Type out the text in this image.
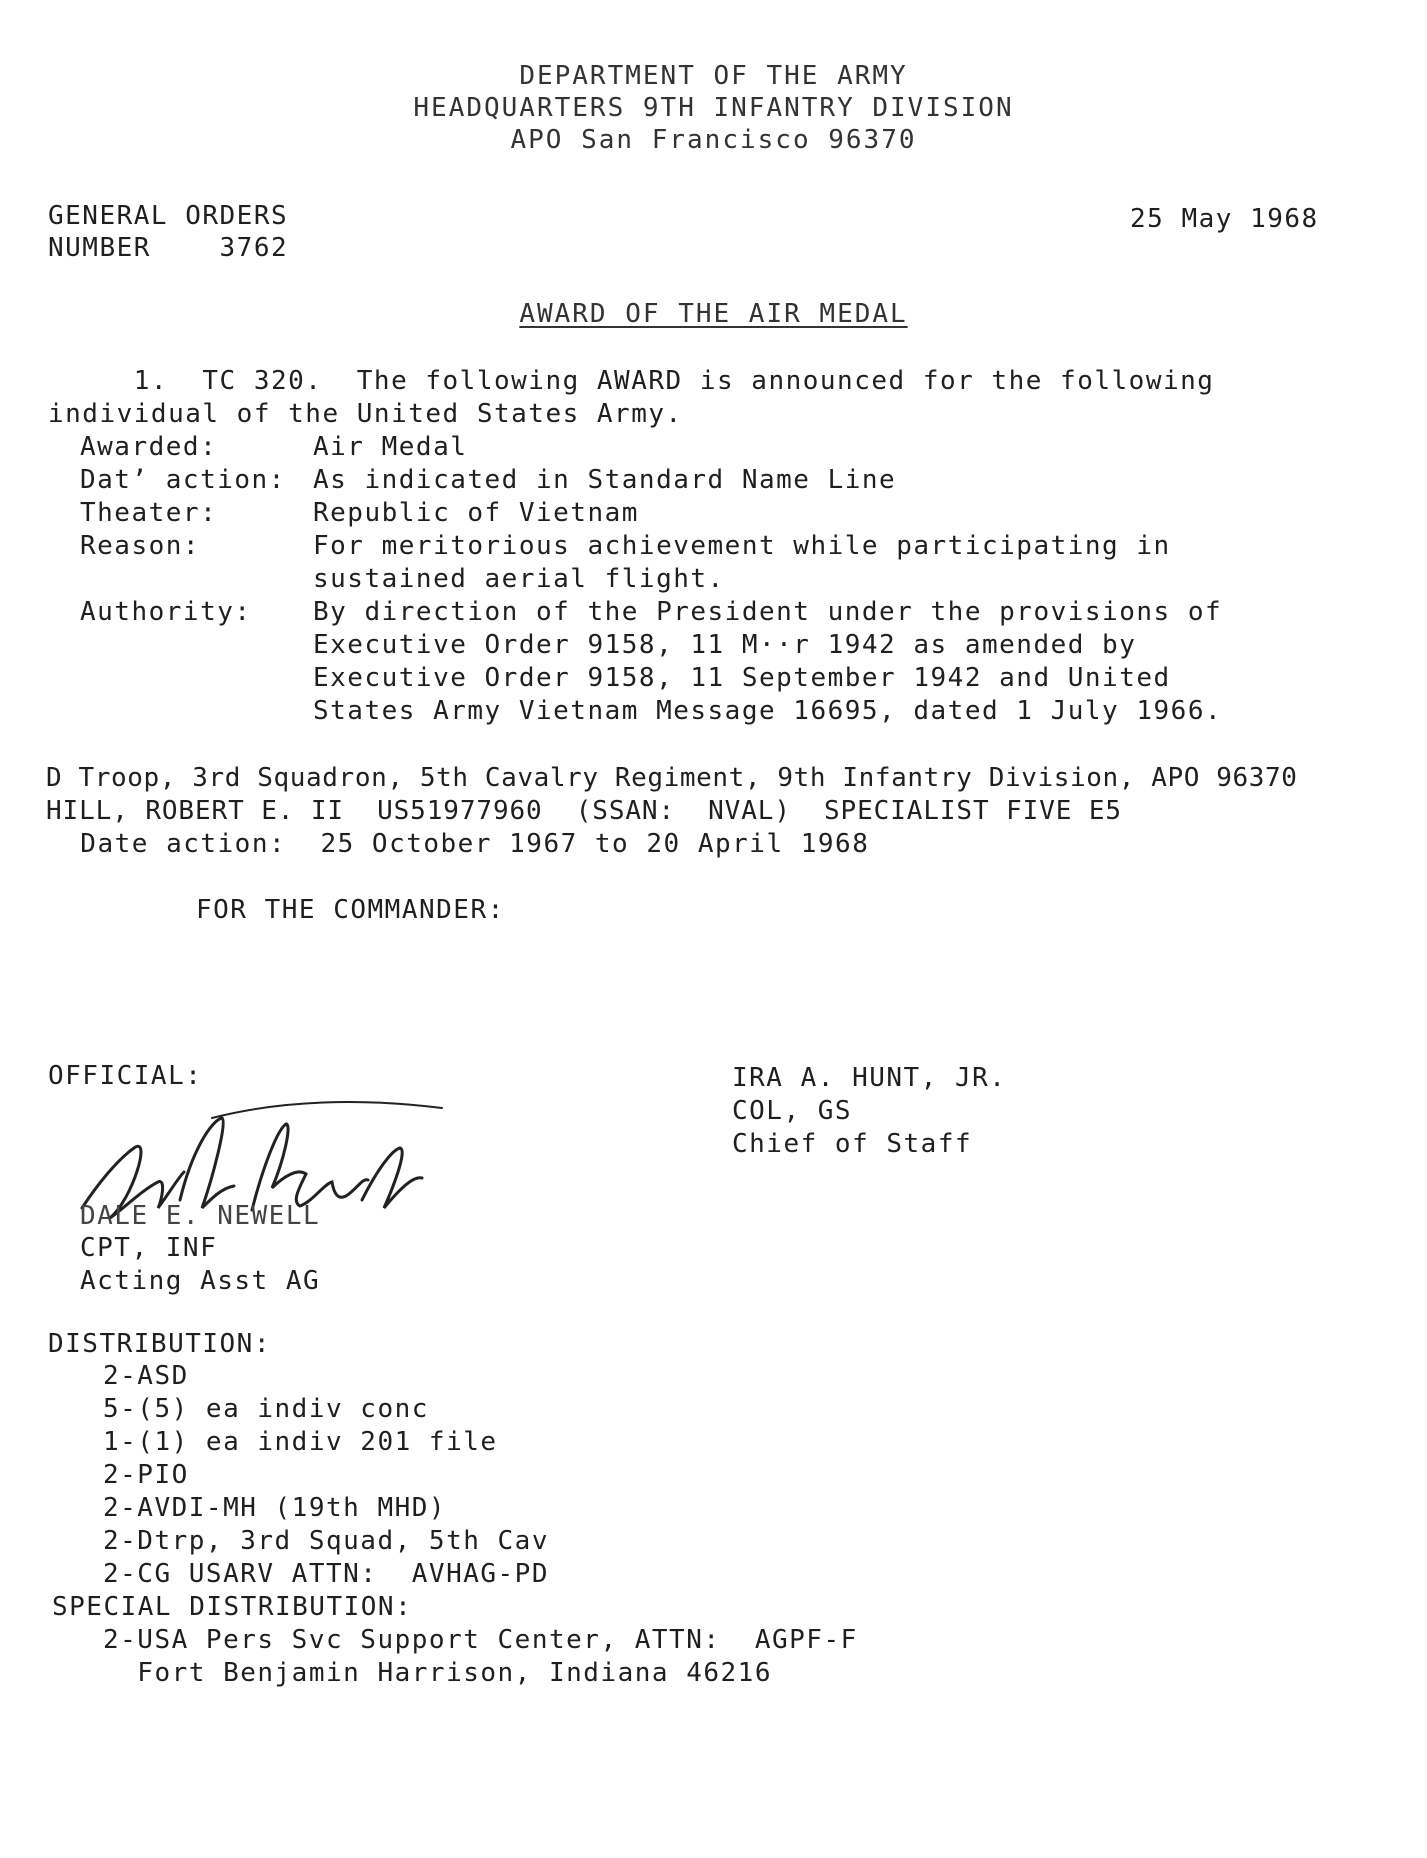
DEPARTMENT OF THE ARMY
HEADQUARTERS 9TH INFANTRY DIVISION
APO San Francisco 96370
GENERAL ORDERS
NUMBER    3762
25 May 1968
AWARD OF THE AIR MEDAL
1.  TC 320.  The following AWARD is announced for the following
individual of the United States Army.
Awarded:	Air Medal
Dat’ action: As indicated in Standard Name Line
Theater:	Republic of Vietnam
Reason:	For meritorious achievement while participating in
sustained aerial flight.
Authority: By direction of the President under the provisions of
Executive Order 9158, 11 M··r 1942 as amended by
Executive Order 9158, 11 September 1942 and United
States Army Vietnam Message 16695, dated 1 July 1966.
D Troop, 3rd Squadron, 5th Cavalry Regiment, 9th Infantry Division, APO 96370
HILL, ROBERT E. II  US51977960  (SSAN:  NVAL)  SPECIALIST FIVE E5
Date action:  25 October 1967 to 20 April 1968
FOR THE COMMANDER:
OFFICIAL:
DALE E. NEWELL
CPT, INF
Acting Asst AG
IRA A. HUNT, JR.
COL, GS
Chief of Staff
DISTRIBUTION:
2-ASD
5-(5) ea indiv conc
1-(1) ea indiv 201 file
2-PIO
2-AVDI-MH (19th MHD)
2-Dtrp, 3rd Squad, 5th Cav
2-CG USARV ATTN:  AVHAG-PD
SPECIAL DISTRIBUTION:
2-USA Pers Svc Support Center, ATTN:  AGPF-F
Fort Benjamin Harrison, Indiana 46216
